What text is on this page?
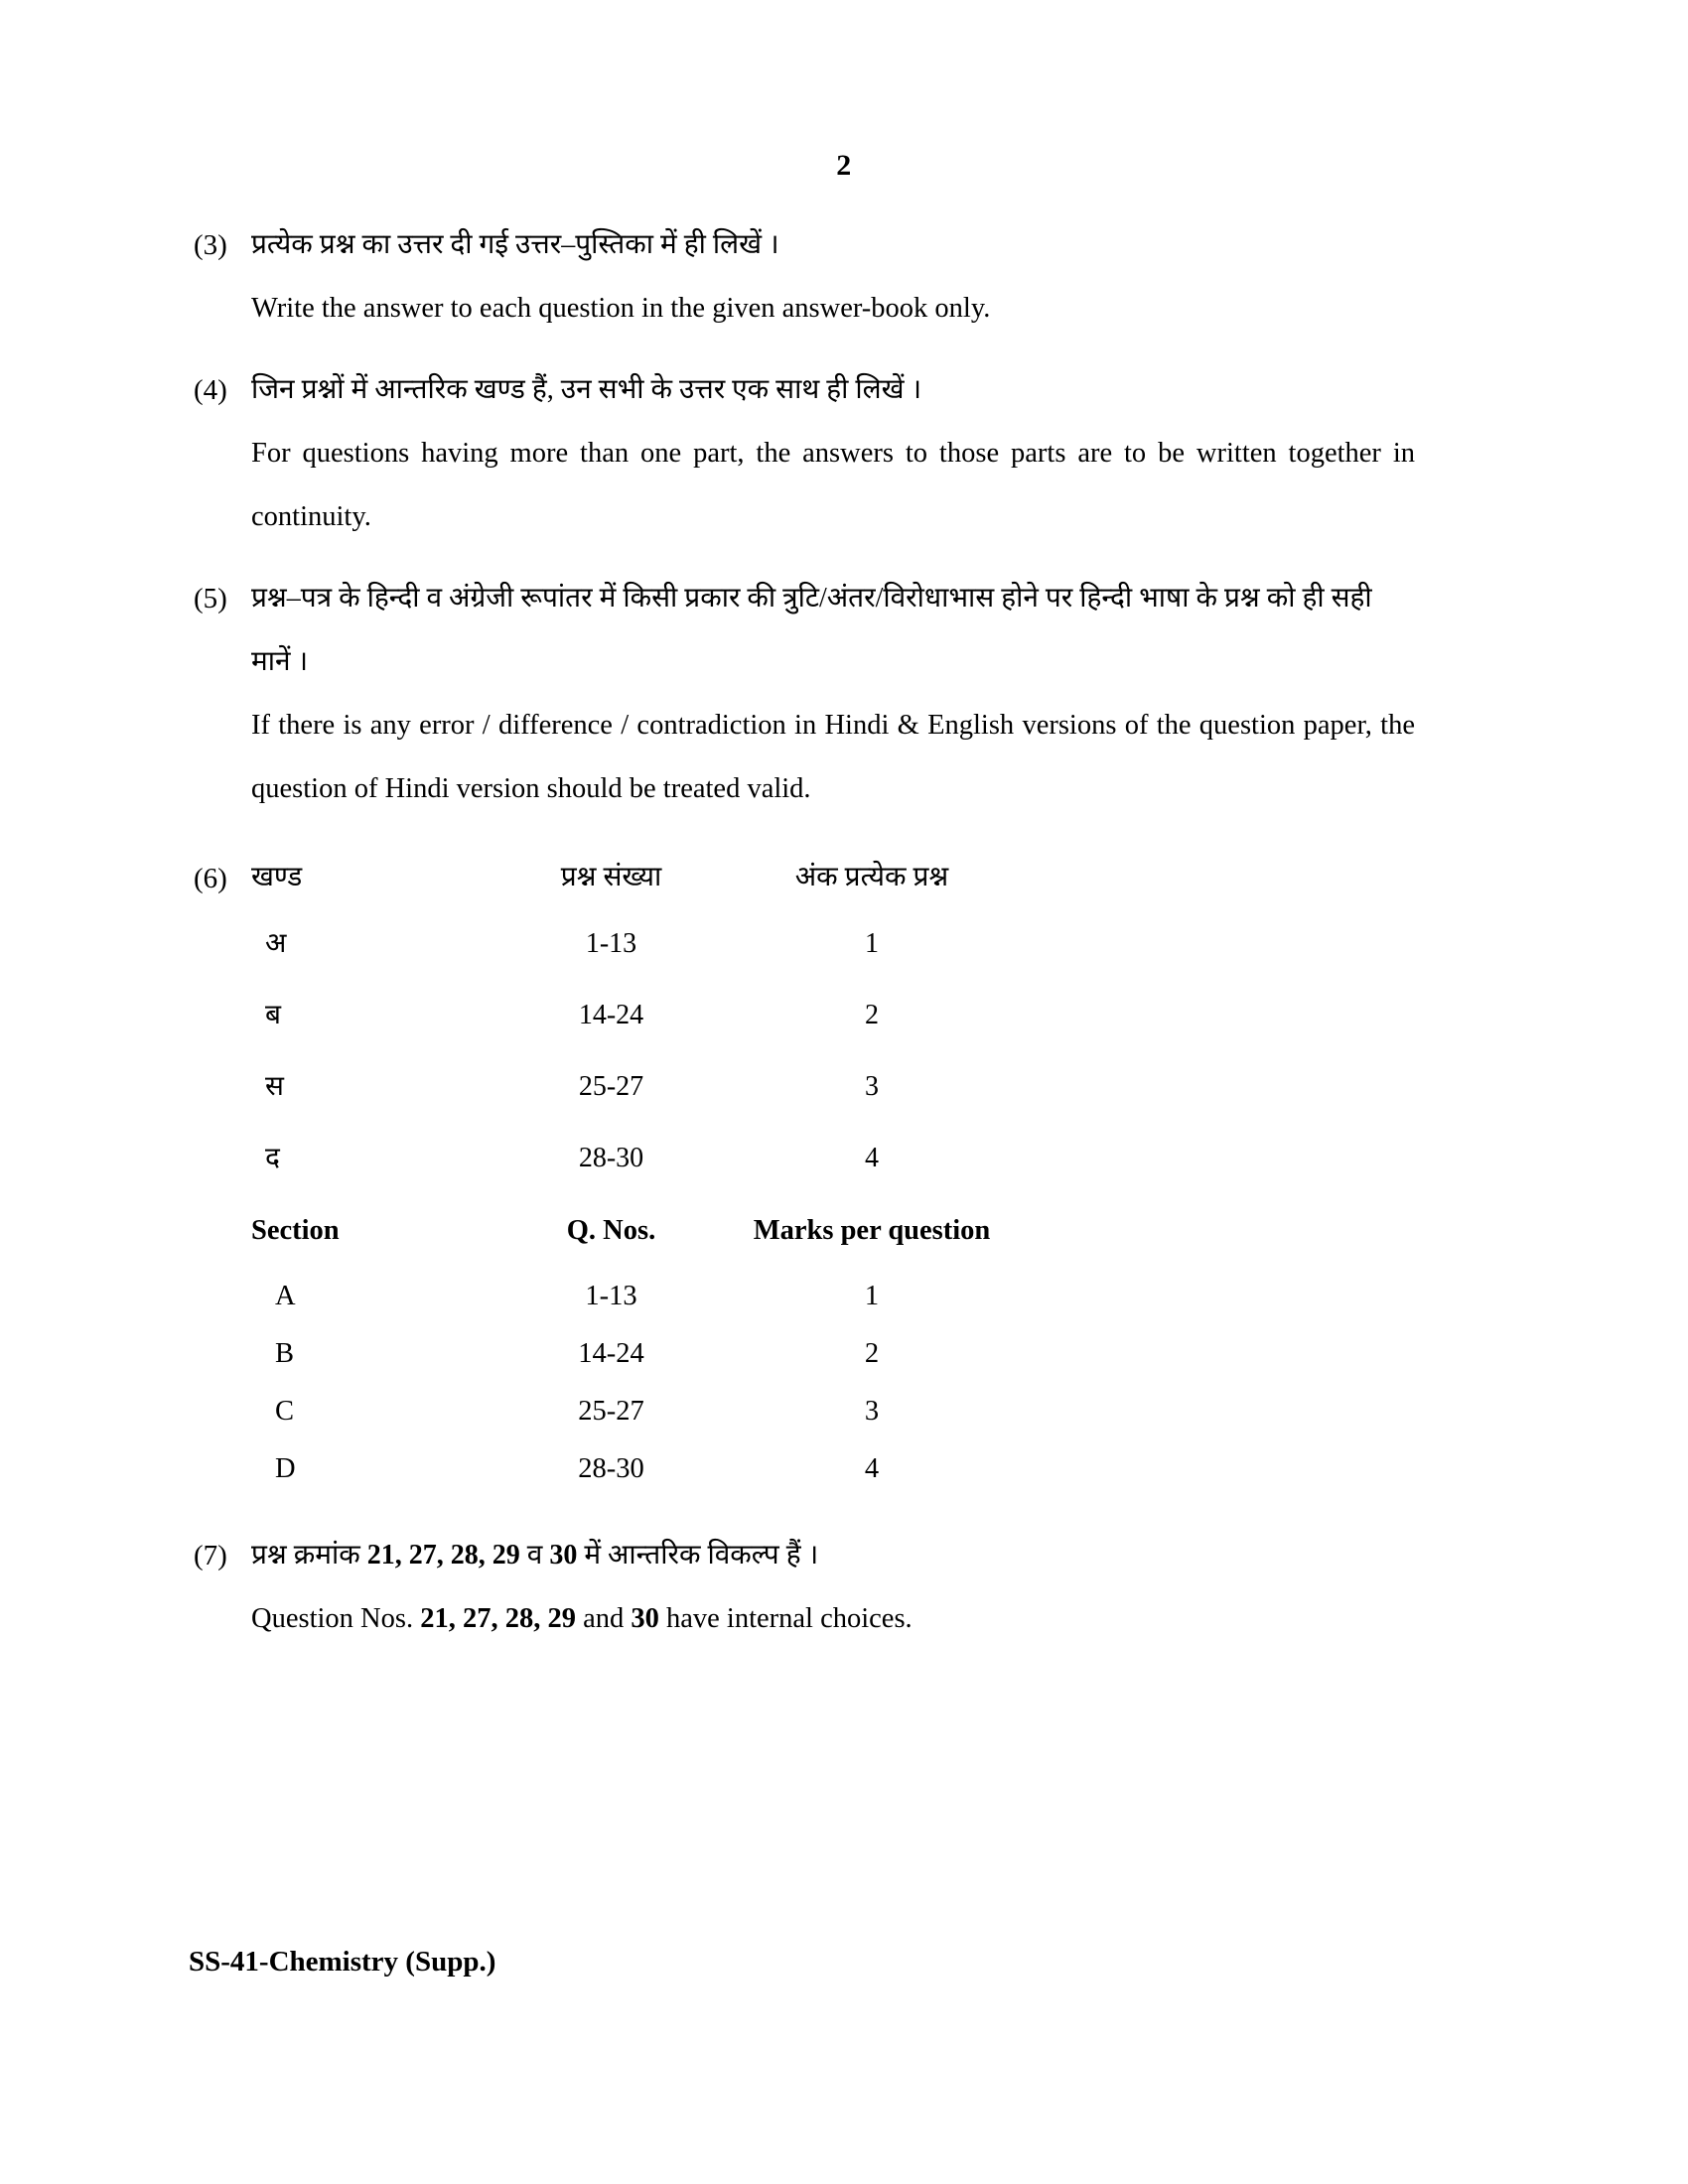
2
(3) प्रत्येक प्रश्न का उत्तर दी गई उत्तर–पुस्तिका में ही लिखें ।
Write the answer to each question in the given answer-book only.
(4) जिन प्रश्नों में आन्तरिक खण्ड हैं, उन सभी के उत्तर एक साथ ही लिखें ।
For questions having more than one part, the answers to those parts are to be written together in continuity.
(5) प्रश्न–पत्र के हिन्दी व अंग्रेजी रूपांतर में किसी प्रकार की त्रुटि/अंतर/विरोधाभास होने पर हिन्दी भाषा के प्रश्न को ही सही मानें ।
If there is any error / difference / contradiction in Hindi & English versions of the question paper, the question of Hindi version should be treated valid.
(6) खण्ड	प्रश्न संख्या	अंक प्रत्येक प्रश्न
अ	1-13	1
ब	14-24	2
स	25-27	3
द	28-30	4
Section	Q. Nos.	Marks per question
A	1-13	1
B	14-24	2
C	25-27	3
D	28-30	4
(7) प्रश्न क्रमांक 21, 27, 28, 29 व 30 में आन्तरिक विकल्प हैं ।
Question Nos. 21, 27, 28, 29 and 30 have internal choices.
SS-41-Chemistry (Supp.)
